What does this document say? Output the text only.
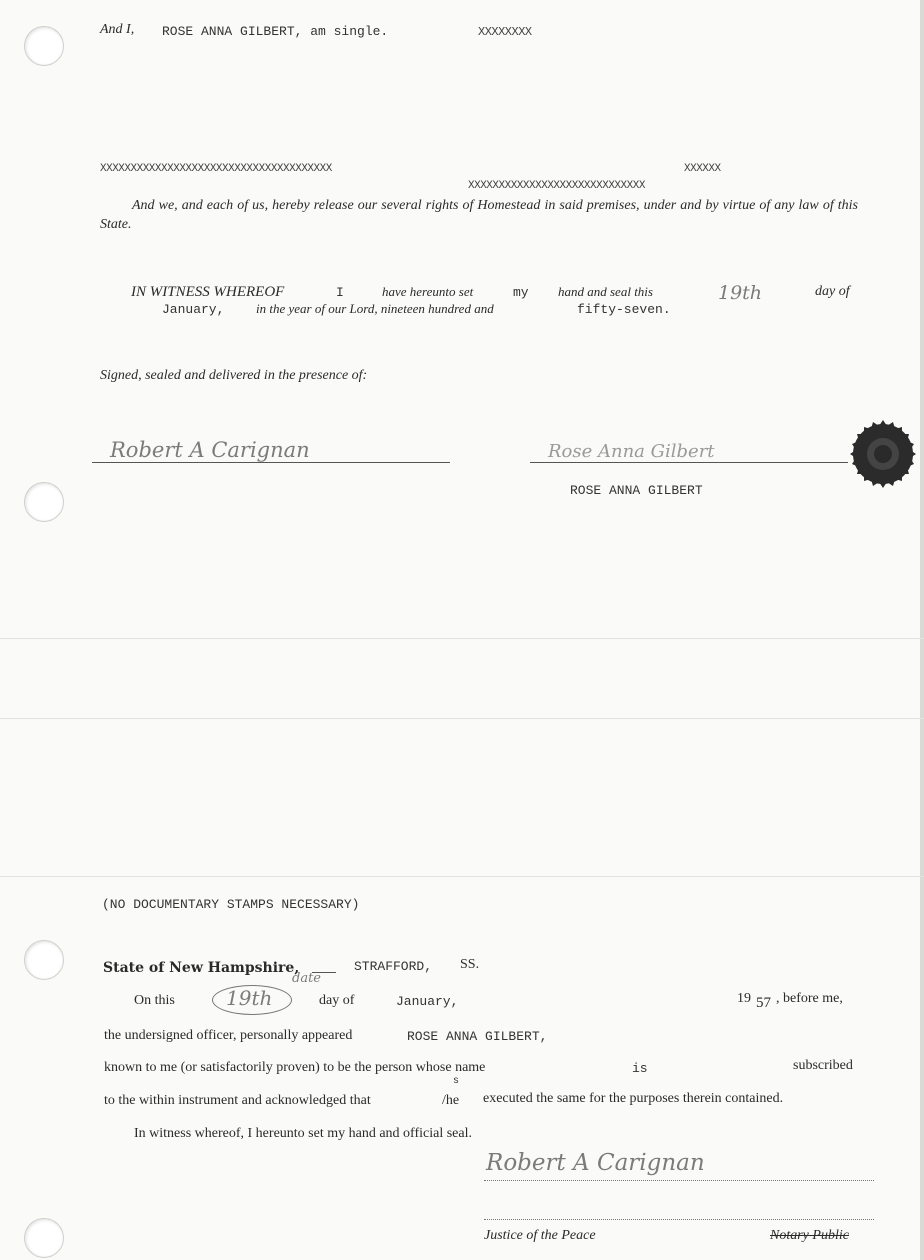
And I, ROSE ANNA GILBERT, am single.	XXXXXXXX
XXXXXXXXXXXXXXXXXXXXXXXXXXXXXXXXXXXXXX	XXXXXX
XXXXXXXXXXXXXXXXXXXXXXXXXXXXX
And we, and each of us, hereby release our several rights of Homestead in said premises, under and by virtue of any law of this State.
IN WITNESS WHEREOF	I	have hereunto set	my hand and seal this	19th	day of
January, in the year of our Lord, nineteen hundred and	fifty-seven.
Signed, sealed and delivered in the presence of:
Robert A Carignan	Rose Anna Gilbert
ROSE ANNA GILBERT
(NO DOCUMENTARY STAMPS NECESSARY)
State of New Hampshire,	STRAFFORD, SS.
On this	19th
date
day of	January,	19 57 , before me,
the undersigned officer, personally appeared	ROSE ANNA GILBERT,
known to me (or satisfactorily proven) to be the person whose name	is	subscribed
s
to the within instrument and acknowledged that	/he executed the same for the purposes therein contained.
In witness whereof, I hereunto set my hand and official seal.
Robert A Carignan
Justice of the Peace	Notary Public
